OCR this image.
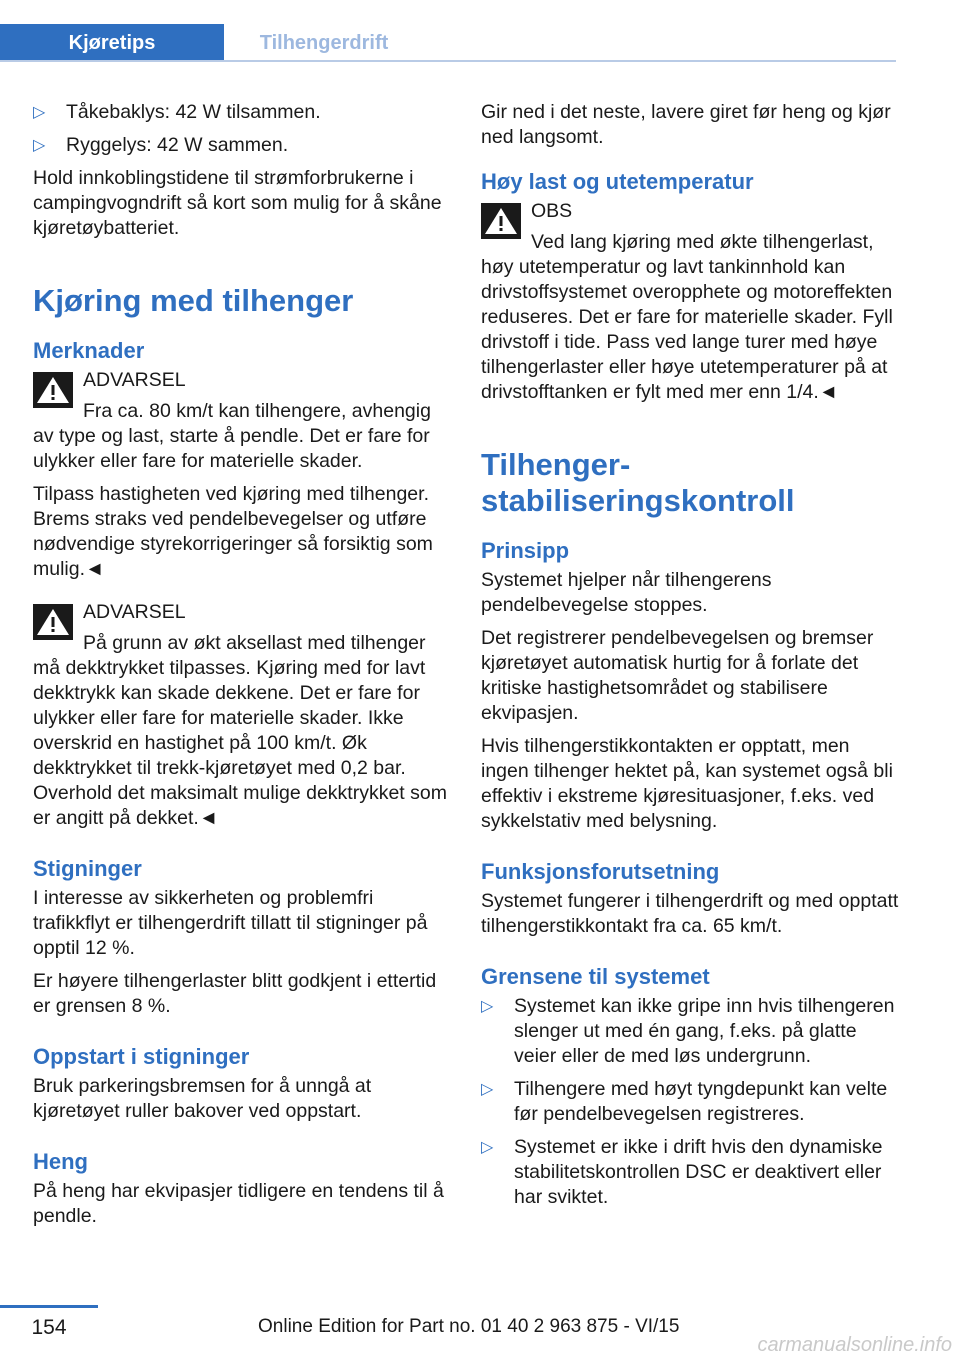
Kjøretips	Tilhengerdrift
▷ Tåkebaklys: 42 W tilsammen.
▷ Ryggelys: 42 W sammen.

Hold innkoblingstidene til strømforbrukerne i campingvogndrift så kort som mulig for å skåne kjøretøybatteriet.

Kjøring med tilhenger
Merknader
ADVARSEL
Fra ca. 80 km/t kan tilhengere, avhengig av type og last, starte å pendle. Det er fare for ulykker eller fare for materielle skader.

Tilpass hastigheten ved kjøring med tilhenger. Brems straks ved pendelbevegelser og utføre nødvendige styrekorrigeringer så forsiktig som mulig.◄

ADVARSEL
På grunn av økt aksellast med tilhenger må dekktrykket tilpasses. Kjøring med for lavt dekktrykk kan skade dekkene. Det er fare for ulykker eller fare for materielle skader. Ikke overskrid en hastighet på 100 km/t. Øk dekktrykket til trekk-kjøretøyet med 0,2 bar. Overhold det maksimalt mulige dekktrykket som er angitt på dekket.◄
Stigninger

I interesse av sikkerheten og problemfri trafikkflyt er tilhengerdrift tillatt til stigninger på opptil 12 %.

Er høyere tilhengerlaster blitt godkjent i ettertid er grensen 8 %.

Oppstart i stigninger

Bruk parkeringsbremsen for å unngå at kjøretøyet ruller bakover ved oppstart.

Heng

På heng har ekvipasjer tidligere en tendens til å pendle.

Gir ned i det neste, lavere giret før heng og kjør ned langsomt.

Høy last og utetemperatur
OBS
Ved lang kjøring med økte tilhengerlast, høy utetemperatur og lavt tankinnhold kan drivstoffsystemet overopphete og motoreffekten reduseres. Det er fare for materielle skader. Fyll drivstoff i tide. Pass ved lange turer med høye tilhengerlaster eller høye utetemperaturer på at drivstofftanken er fylt med mer enn 1/4.◄
Tilhenger-stabiliseringskontroll
Prinsipp

Systemet hjelper når tilhengerens pendelbevegelse stoppes.

Det registrerer pendelbevegelsen og bremser kjøretøyet automatisk hurtig for å forlate det kritiske hastighetsområdet og stabilisere ekvipasjen.

Hvis tilhengerstikkontakten er opptatt, men ingen tilhenger hektet på, kan systemet også bli effektiv i ekstreme kjøresituasjoner, f.eks. ved sykkelstativ med belysning.

Funksjonsforutsetning

Systemet fungerer i tilhengerdrift og med opptatt tilhengerstikkontakt fra ca. 65 km/t.

Grensene til systemet
▷ Systemet kan ikke gripe inn hvis tilhengeren slenger ut med én gang, f.eks. på glatte veier eller de med løs undergrunn.
▷ Tilhengere med høyt tyngdepunkt kan velte før pendelbevegelsen registreres.
▷ Systemet er ikke i drift hvis den dynamiske stabilitetskontrollen DSC er deaktivert eller har sviktet.
154	Online Edition for Part no. 01 40 2 963 875 - VI/15
carmanualsonline.info
